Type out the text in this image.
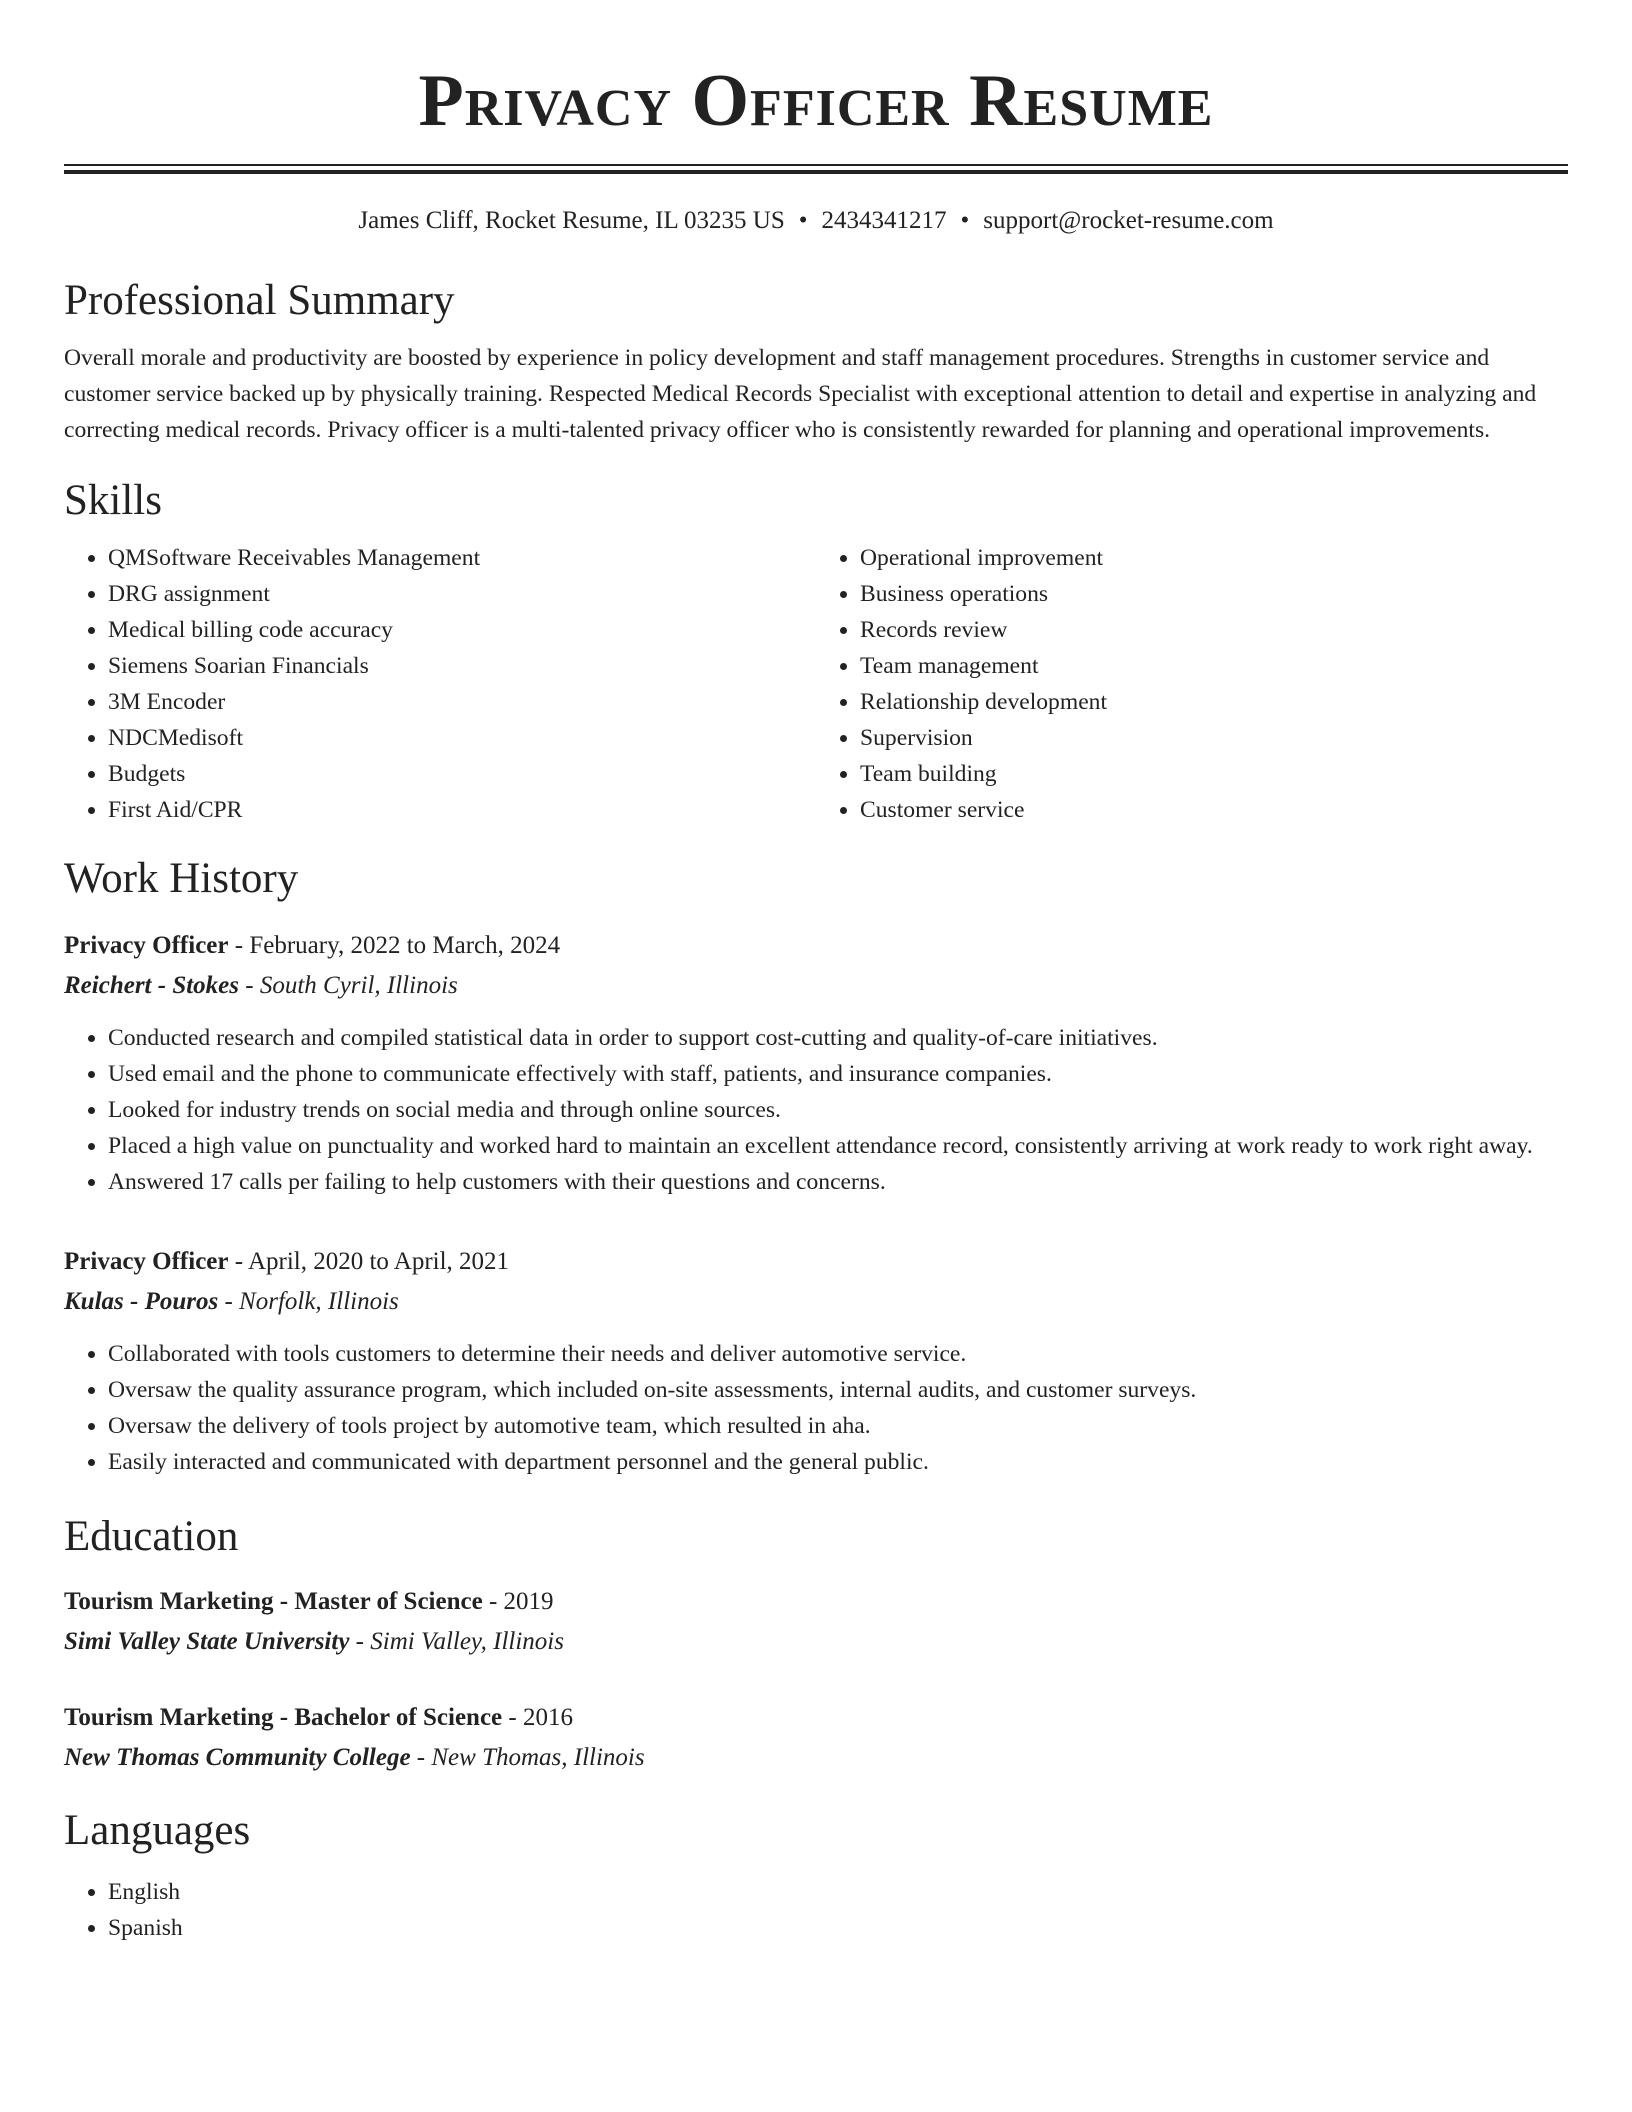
Privacy Officer Resume
James Cliff, Rocket Resume, IL 03235 US • 2434341217 • support@rocket-resume.com
Professional Summary

Overall morale and productivity are boosted by experience in policy development and staff management procedures. Strengths in customer service and customer service backed up by physically training. Respected Medical Records Specialist with exceptional attention to detail and expertise in analyzing and correcting medical records. Privacy officer is a multi-talented privacy officer who is consistently rewarded for planning and operational improvements.

Skills
• QMSoftware Receivables Management
• DRG assignment
• Medical billing code accuracy
• Siemens Soarian Financials
• 3M Encoder
• NDCMedisoft
• Budgets
• First Aid/CPR
• Operational improvement
• Business operations
• Records review
• Team management
• Relationship development
• Supervision
• Team building
• Customer service
Work History
Privacy Officer - February, 2022 to March, 2024
Reichert - Stokes - South Cyril, Illinois
• Conducted research and compiled statistical data in order to support cost-cutting and quality-of-care initiatives.
• Used email and the phone to communicate effectively with staff, patients, and insurance companies.
• Looked for industry trends on social media and through online sources.
• Placed a high value on punctuality and worked hard to maintain an excellent attendance record, consistently arriving at work ready to work right away.
• Answered 17 calls per failing to help customers with their questions and concerns.
Privacy Officer - April, 2020 to April, 2021
Kulas - Pouros - Norfolk, Illinois
• Collaborated with tools customers to determine their needs and deliver automotive service.
• Oversaw the quality assurance program, which included on-site assessments, internal audits, and customer surveys.
• Oversaw the delivery of tools project by automotive team, which resulted in aha.
• Easily interacted and communicated with department personnel and the general public.
Education
Tourism Marketing - Master of Science - 2019
Simi Valley State University - Simi Valley, Illinois
Tourism Marketing - Bachelor of Science - 2016
New Thomas Community College - New Thomas, Illinois
Languages
• English
• Spanish
